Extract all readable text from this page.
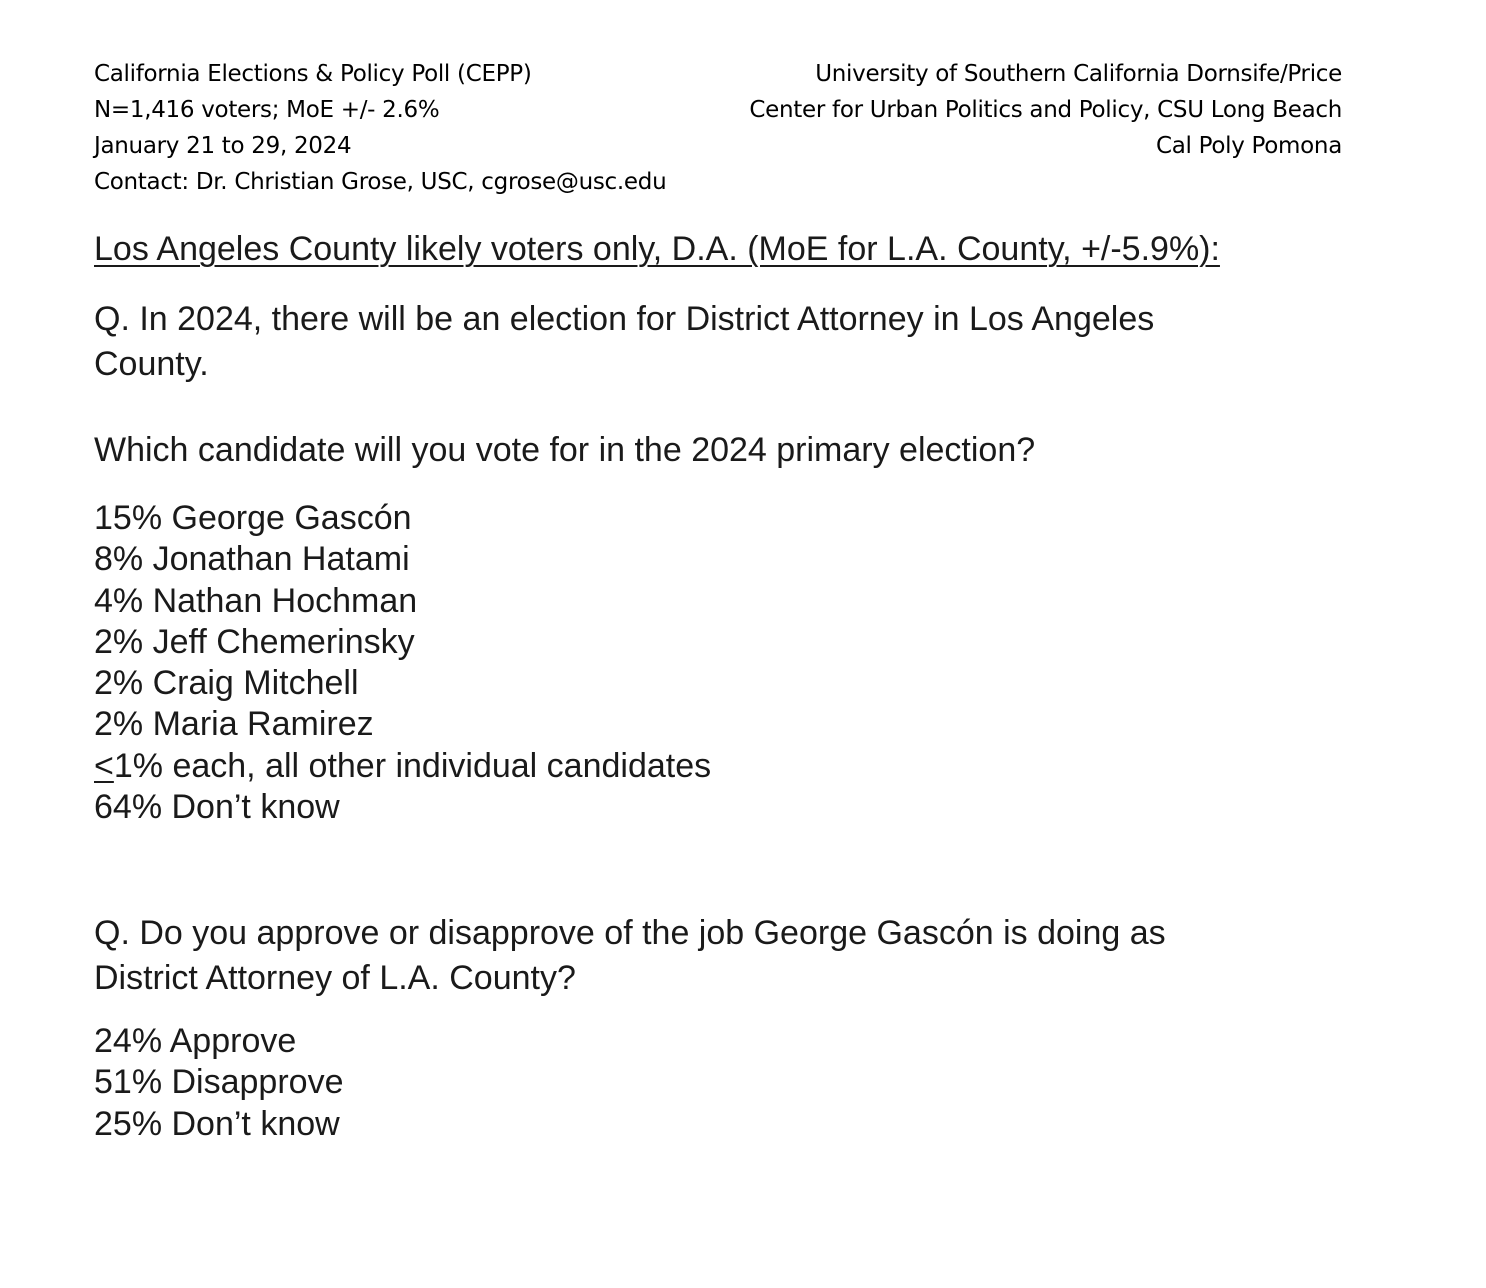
California Elections & Policy Poll (CEPP)
N=1,416 voters; MoE +/- 2.6%
January 21 to 29, 2024
Contact: Dr. Christian Grose, USC, cgrose@usc.edu
University of Southern California Dornsife/Price
Center for Urban Politics and Policy, CSU Long Beach
Cal Poly Pomona
Los Angeles County likely voters only, D.A. (MoE for L.A. County, +/-5.9%):
Q. In 2024, there will be an election for District Attorney in Los Angeles County.
Which candidate will you vote for in the 2024 primary election?
15% George Gascón
8% Jonathan Hatami
4% Nathan Hochman
2% Jeff Chemerinsky
2% Craig Mitchell
2% Maria Ramirez
≤1% each, all other individual candidates
64% Don’t know
Q. Do you approve or disapprove of the job George Gascón is doing as District Attorney of L.A. County?
24% Approve
51% Disapprove
25% Don’t know
